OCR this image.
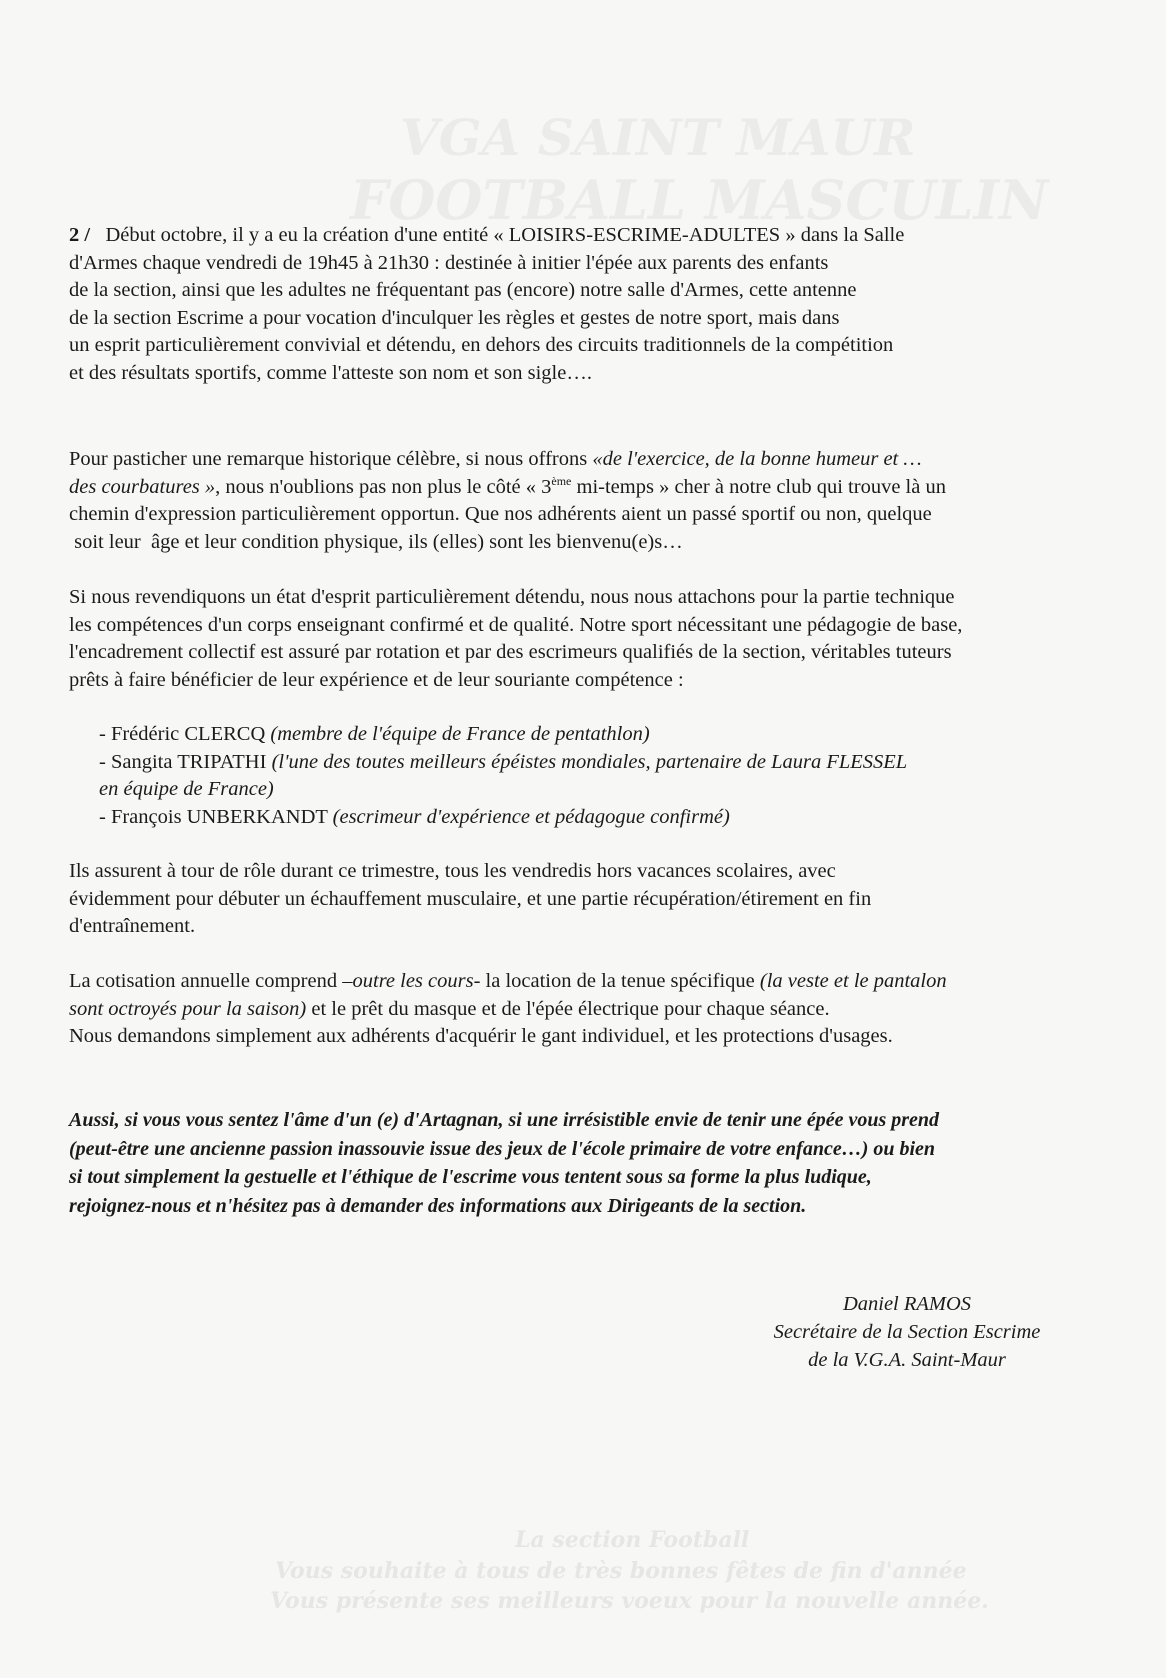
VGA SAINT MAUR
FOOTBALL MASCULIN
La section Football
Vous souhaite à tous de très bonnes fêtes de fin d'année
Vous présente ses meilleurs voeux pour la nouvelle année.
2 / Début octobre, il y a eu la création d'une entité « LOISIRS-ESCRIME-ADULTES » dans la Salle
d'Armes chaque vendredi de 19h45 à 21h30 : destinée à initier l'épée aux parents des enfants
de la section, ainsi que les adultes ne fréquentant pas (encore) notre salle d'Armes, cette antenne
de la section Escrime a pour vocation d'inculquer les règles et gestes de notre sport, mais dans
un esprit particulièrement convivial et détendu, en dehors des circuits traditionnels de la compétition
et des résultats sportifs, comme l'atteste son nom et son sigle….
Pour pasticher une remarque historique célèbre, si nous offrons «de l'exercice, de la bonne humeur et …
des courbatures », nous n'oublions pas non plus le côté « 3ème mi-temps » cher à notre club qui trouve là un
chemin d'expression particulièrement opportun. Que nos adhérents aient un passé sportif ou non, quelque
soit leur  âge et leur condition physique, ils (elles) sont les bienvenu(e)s…
Si nous revendiquons un état d'esprit particulièrement détendu, nous nous attachons pour la partie technique
les compétences d'un corps enseignant confirmé et de qualité. Notre sport nécessitant une pédagogie de base,
l'encadrement collectif est assuré par rotation et par des escrimeurs qualifiés de la section, véritables tuteurs
prêts à faire bénéficier de leur expérience et de leur souriante compétence :
- Frédéric CLERCQ (membre de l'équipe de France de pentathlon)
- Sangita TRIPATHI (l'une des toutes meilleurs épéistes mondiales, partenaire de Laura FLESSEL
en équipe de France)
- François UNBERKANDT (escrimeur d'expérience et pédagogue confirmé)
Ils assurent à tour de rôle durant ce trimestre, tous les vendredis hors vacances scolaires, avec
évidemment pour débuter un échauffement musculaire, et une partie récupération/étirement en fin
d'entraînement.
La cotisation annuelle comprend –outre les cours- la location de la tenue spécifique (la veste et le pantalon
sont octroyés pour la saison) et le prêt du masque et de l'épée électrique pour chaque séance.
Nous demandons simplement aux adhérents d'acquérir le gant individuel, et les protections d'usages.
Aussi, si vous vous sentez l'âme d'un (e) d'Artagnan, si une irrésistible envie de tenir une épée vous prend
(peut-être une ancienne passion inassouvie issue des jeux de l'école primaire de votre enfance…) ou bien
si tout simplement la gestuelle et l'éthique de l'escrime vous tentent sous sa forme la plus ludique,
rejoignez-nous et n'hésitez pas à demander des informations aux Dirigeants de la section.
Daniel RAMOS
Secrétaire de la Section Escrime
de la V.G.A. Saint-Maur
